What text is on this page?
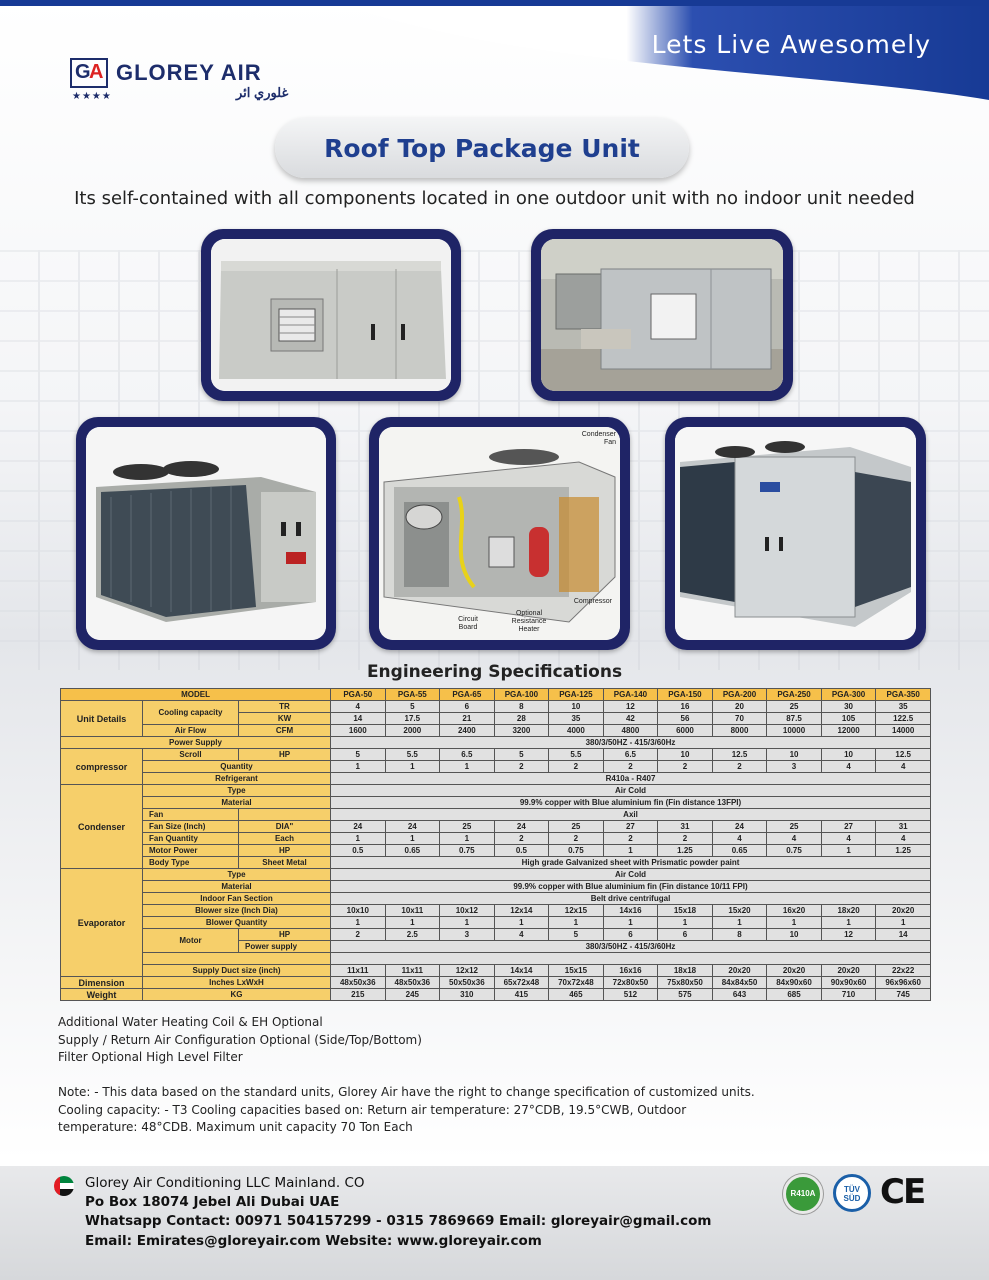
Lets Live Awesomely
G
A GLOREY AIR
★★★★	غلوري ائر
Roof Top Package Unit
Its self-contained with all components located in one outdoor unit with no indoor unit needed
Condenser Fan
Circuit Board
Optional Resistance Heater
Compressor
Engineering Specifications
MODEL			PGA-50	PGA-55	PGA-65	PGA-100	PGA-125	PGA-140	PGA-150	PGA-200	PGA-250	PGA-300	PGA-350
Unit Details	Cooling capacity	TR	4	5	6	8	10	12	16	20	25	30	35
		KW	14	17.5	21	28	35	42	56	70	87.5	105	122.5
	Air Flow	CFM	1600	2000	2400	3200	4000	4800	6000	8000	10000	12000	14000
Power Supply			380/3/50HZ - 415/3/60Hz										
compressor	Scroll	HP	5	5.5	6.5	5	5.5	6.5	10	12.5	10	10	12.5
	Quantity		1	1	1	2	2	2	2	2	3	4	4
	Refrigerant		R410a - R407										
Condenser	Type		Air Cold										
	Material		99.9% copper with Blue aluminium fin (Fin distance 13FPI)										
	Fan		Axil										
	Fan Size (Inch)	DIA"	24	24	25	24	25	27	31	24	25	27	31
	Fan Quantity	Each	1	1	1	2	2	2	2	4	4	4	4
	Motor Power	HP	0.5	0.65	0.75	0.5	0.75	1	1.25	0.65	0.75	1	1.25
	Body Type	Sheet Metal	High grade Galvanized sheet with Prismatic powder paint										
Evaporator	Type		Air Cold										
	Material		99.9% copper with Blue aluminium fin (Fin distance 10/11 FPI)										
	Indoor Fan Section		Belt drive centrifugal										
	Blower size (Inch Dia)		10x10	10x11	10x12	12x14	12x15	14x16	15x18	15x20	16x20	18x20	20x20
	Blower Quantity		1	1	1	1	1	1	1	1	1	1	1
	Motor	HP	2	2.5	3	4	5	6	6	8	10	12	14
		Power supply	380/3/50HZ - 415/3/60Hz										

	Supply Duct size (inch)		11x11	11x11	12x12	14x14	15x15	16x16	18x18	20x20	20x20	20x20	22x22
Dimension	Inches LxWxH		48x50x36	48x50x36	50x50x36	65x72x48	70x72x48	72x80x50	75x80x50	84x84x50	84x90x60	90x90x60	96x96x60
Weight	KG		215	245	310	415	465	512	575	643	685	710	745
Additional Water Heating Coil & EH Optional
Supply / Return Air Configuration Optional (Side/Top/Bottom)
Filter Optional High Level Filter
Note: - This data based on the standard units, Glorey Air have the right to change specification of customized units.
Cooling capacity: - T3 Cooling capacities based on: Return air temperature: 27°CDB, 19.5°CWB, Outdoor
temperature: 48°CDB. Maximum unit capacity 70 Ton Each
Glorey Air Conditioning LLC Mainland. CO
Po Box 18074 Jebel Ali Dubai UAE
Whatsapp Contact: 00971 504157299 - 0315 7869669 Email: gloreyair@gmail.com
Email: Emirates@gloreyair.com Website: www.gloreyair.com
R410A	TÜV SÜD CE
